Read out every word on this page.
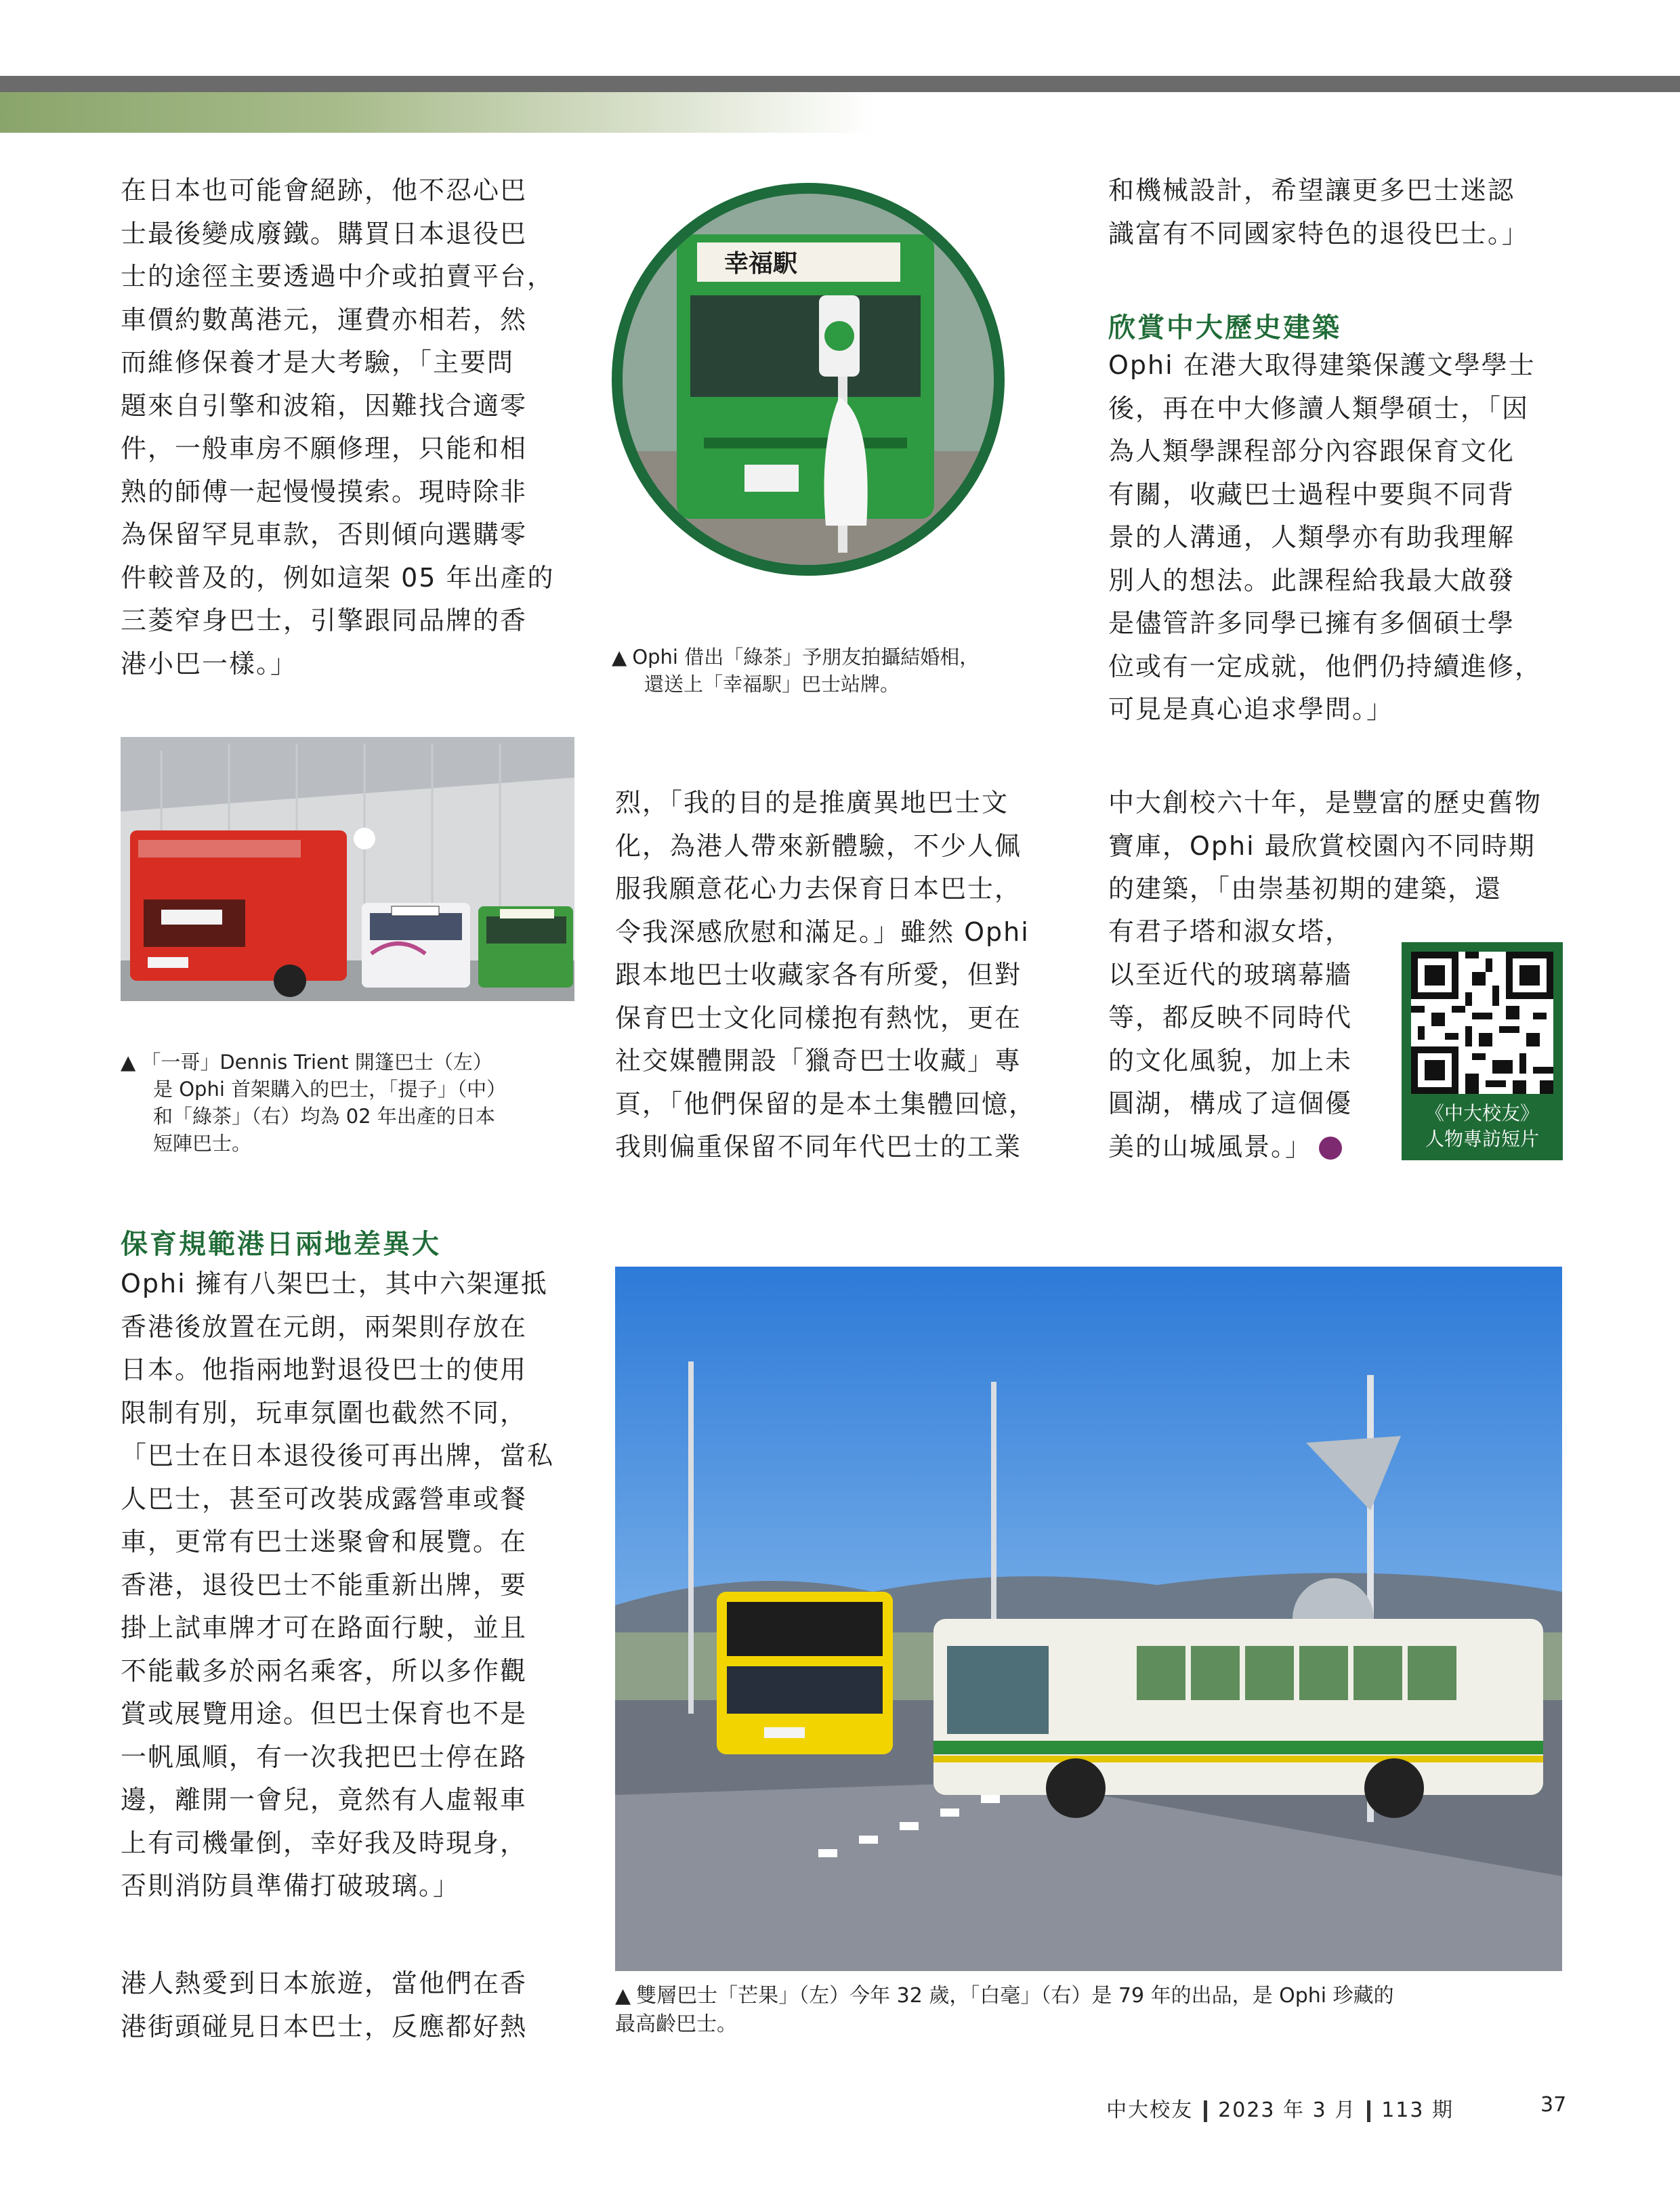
在日本也可能會絕跡，他不忍心巴
士最後變成廢鐵。購買日本退役巴
士的途徑主要透過中介或拍賣平台，
車價約數萬港元，運費亦相若，然
而維修保養才是大考驗，「主要問
題來自引擎和波箱，因難找合適零
件，一般車房不願修理，只能和相
熟的師傅一起慢慢摸索。現時除非
為保留罕見車款，否則傾向選購零
件較普及的，例如這架 05 年出產的
三菱窄身巴士，引擎跟同品牌的香
港小巴一樣。」
▲ 「一哥」Dennis Trient 開篷巴士（左）
是 Ophi 首架購入的巴士，「提子」（中）
和「綠茶」（右）均為 02 年出產的日本
短陣巴士。
保育規範港日兩地差異大
Ophi 擁有八架巴士，其中六架運抵
香港後放置在元朗，兩架則存放在
日本。他指兩地對退役巴士的使用
限制有別，玩車氛圍也截然不同，
「巴士在日本退役後可再出牌，當私
人巴士，甚至可改裝成露營車或餐
車，更常有巴士迷聚會和展覽。在
香港，退役巴士不能重新出牌，要
掛上試車牌才可在路面行駛，並且
不能載多於兩名乘客，所以多作觀
賞或展覽用途。但巴士保育也不是
一帆風順，有一次我把巴士停在路
邊，離開一會兒，竟然有人虛報車
上有司機暈倒，幸好我及時現身，
否則消防員準備打破玻璃。」
港人熱愛到日本旅遊，當他們在香
港街頭碰見日本巴士，反應都好熱
幸福駅
▲ Ophi 借出「綠茶」予朋友拍攝結婚相，
還送上「幸福駅」巴士站牌。
烈，「我的目的是推廣異地巴士文
化，為港人帶來新體驗，不少人佩
服我願意花心力去保育日本巴士，
令我深感欣慰和滿足。」雖然 Ophi
跟本地巴士收藏家各有所愛，但對
保育巴士文化同樣抱有熱忱，更在
社交媒體開設「獵奇巴士收藏」專
頁，「他們保留的是本土集體回憶，
我則偏重保留不同年代巴士的工業
和機械設計，希望讓更多巴士迷認
識富有不同國家特色的退役巴士。」
欣賞中大歷史建築
Ophi 在港大取得建築保護文學學士
後，再在中大修讀人類學碩士，「因
為人類學課程部分內容跟保育文化
有關，收藏巴士過程中要與不同背
景的人溝通，人類學亦有助我理解
別人的想法。此課程給我最大啟發
是儘管許多同學已擁有多個碩士學
位或有一定成就，他們仍持續進修，
可見是真心追求學問。」
中大創校六十年，是豐富的歷史舊物
寶庫，Ophi 最欣賞校園內不同時期
的建築，「由崇基初期的建築，還
有君子塔和淑女塔，
以至近代的玻璃幕牆
等，都反映不同時代
的文化風貌，加上未
圓湖，構成了這個優
美的山城風景。」
《中大校友》
人物專訪短片
▲ 雙層巴士「芒果」（左）今年 32 歲，「白毫」（右）是 79 年的出品，是 Ophi 珍藏的
最高齡巴士。
中大校友 2023 年 3 月 113 期	37
